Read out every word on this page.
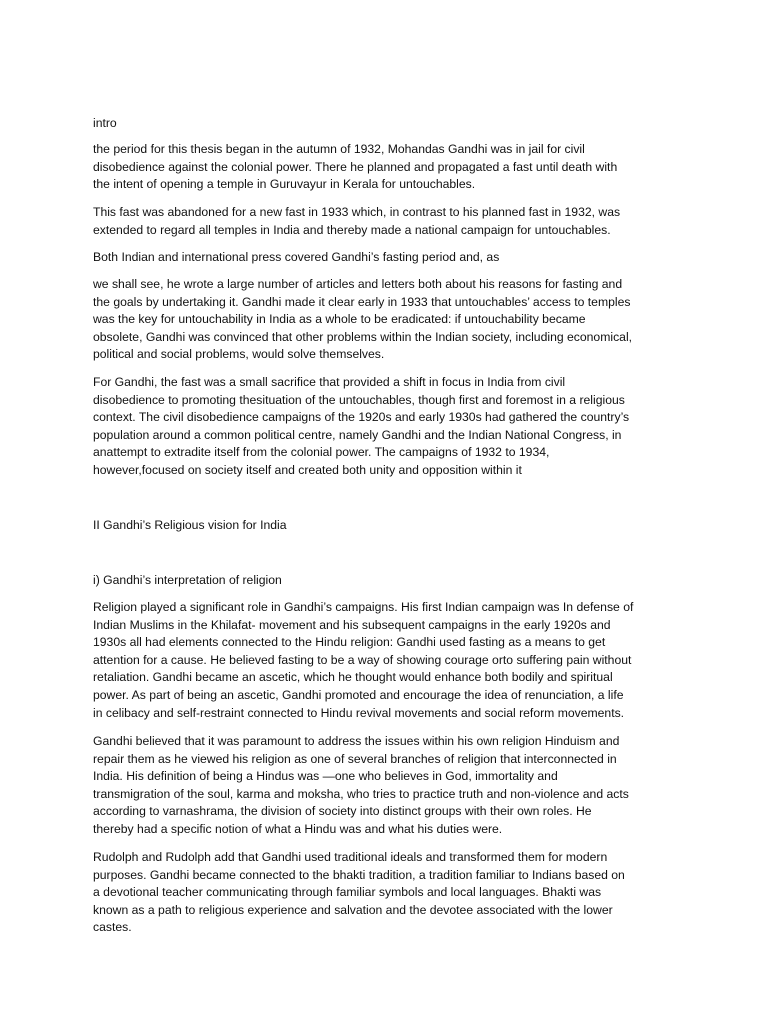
intro
the period for this thesis began in the autumn of 1932, Mohandas Gandhi was in jail for civil
disobedience against the colonial power. There he planned and propagated a fast until death with
the intent of opening a temple in Guruvayur in Kerala for untouchables.
This fast was abandoned for a new fast in 1933 which, in contrast to his planned fast in 1932, was
extended to regard all temples in India and thereby made a national campaign for untouchables.
Both Indian and international press covered Gandhi’s fasting period and, as
we shall see, he wrote a large number of articles and letters both about his reasons for fasting and
the goals by undertaking it. Gandhi made it clear early in 1933 that untouchables’ access to temples
was the key for untouchability in India as a whole to be eradicated: if untouchability became
obsolete, Gandhi was convinced that other problems within the Indian society, including economical,
political and social problems, would solve themselves.
For Gandhi, the fast was a small sacrifice that provided a shift in focus in India from civil
disobedience to promoting thesituation of the untouchables, though first and foremost in a religious
context. The civil disobedience campaigns of the 1920s and early 1930s had gathered the country’s
population around a common political centre, namely Gandhi and the Indian National Congress, in
anattempt to extradite itself from the colonial power. The campaigns of 1932 to 1934,
however,focused on society itself and created both unity and opposition within it
II Gandhi’s Religious vision for India
i) Gandhi’s interpretation of religion
Religion played a significant role in Gandhi’s campaigns. His first Indian campaign was In defense of
Indian Muslims in the Khilafat- movement and his subsequent campaigns in the early 1920s and
1930s all had elements connected to the Hindu religion: Gandhi used fasting as a means to get
attention for a cause. He believed fasting to be a way of showing courage orto suffering pain without
retaliation. Gandhi became an ascetic, which he thought would enhance both bodily and spiritual
power. As part of being an ascetic, Gandhi promoted and encourage the idea of renunciation, a life
in celibacy and self-restraint connected to Hindu revival movements and social reform movements.
Gandhi believed that it was paramount to address the issues within his own religion Hinduism and
repair them as he viewed his religion as one of several branches of religion that interconnected in
India. His definition of being a Hindus was —one who believes in God, immortality and
transmigration of the soul, karma and moksha, who tries to practice truth and non-violence and acts
according to varnashrama, the division of society into distinct groups with their own roles. He
thereby had a specific notion of what a Hindu was and what his duties were.
Rudolph and Rudolph add that Gandhi used traditional ideals and transformed them for modern
purposes. Gandhi became connected to the bhakti tradition, a tradition familiar to Indians based on
a devotional teacher communicating through familiar symbols and local languages. Bhakti was
known as a path to religious experience and salvation and the devotee associated with the lower
castes.
